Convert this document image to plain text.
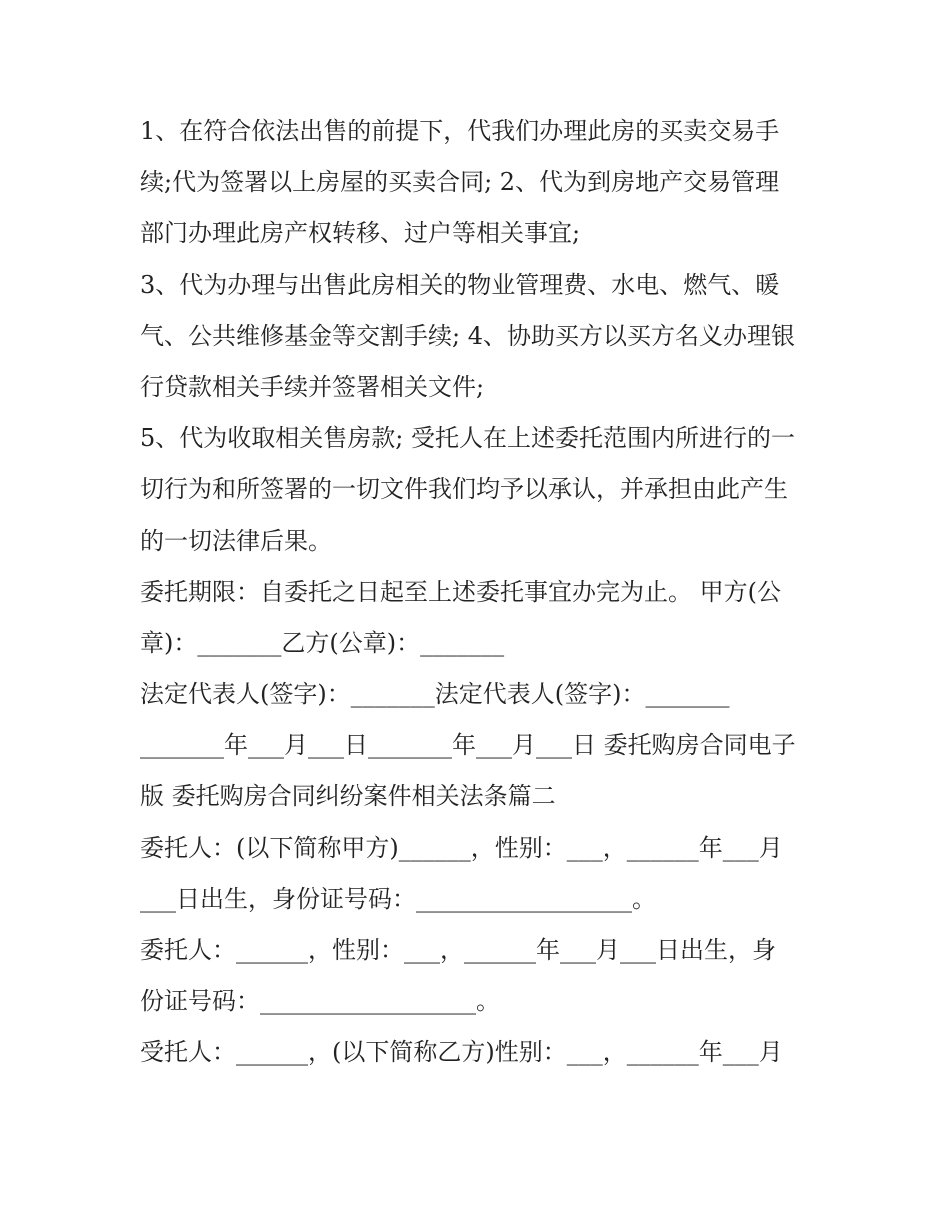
1、在符合依法出售的前提下，代我们办理此房的买卖交易手
续;代为签署以上房屋的买卖合同; 2、代为到房地产交易管理
部门办理此房产权转移、过户等相关事宜;
3、代为办理与出售此房相关的物业管理费、水电、燃气、暖
气、公共维修基金等交割手续; 4、协助买方以买方名义办理银
行贷款相关手续并签署相关文件;
5、代为收取相关售房款; 受托人在上述委托范围内所进行的一
切行为和所签署的一切文件我们均予以承认，并承担由此产生
的一切法律后果。
委托期限：自委托之日起至上述委托事宜办完为止。 甲方(公
章)：_______乙方(公章)：_______
法定代表人(签字)：_______法定代表人(签字)：_______
_______年___月___日_______年___月___日 委托购房合同电子
版 委托购房合同纠纷案件相关法条篇二
委托人：(以下简称甲方)______，性别：___，______年___月
___日出生，身份证号码：__________________。
委托人：______，性别：___，______年___月___日出生，身
份证号码：__________________。
受托人：______，(以下简称乙方)性别：___，______年___月
